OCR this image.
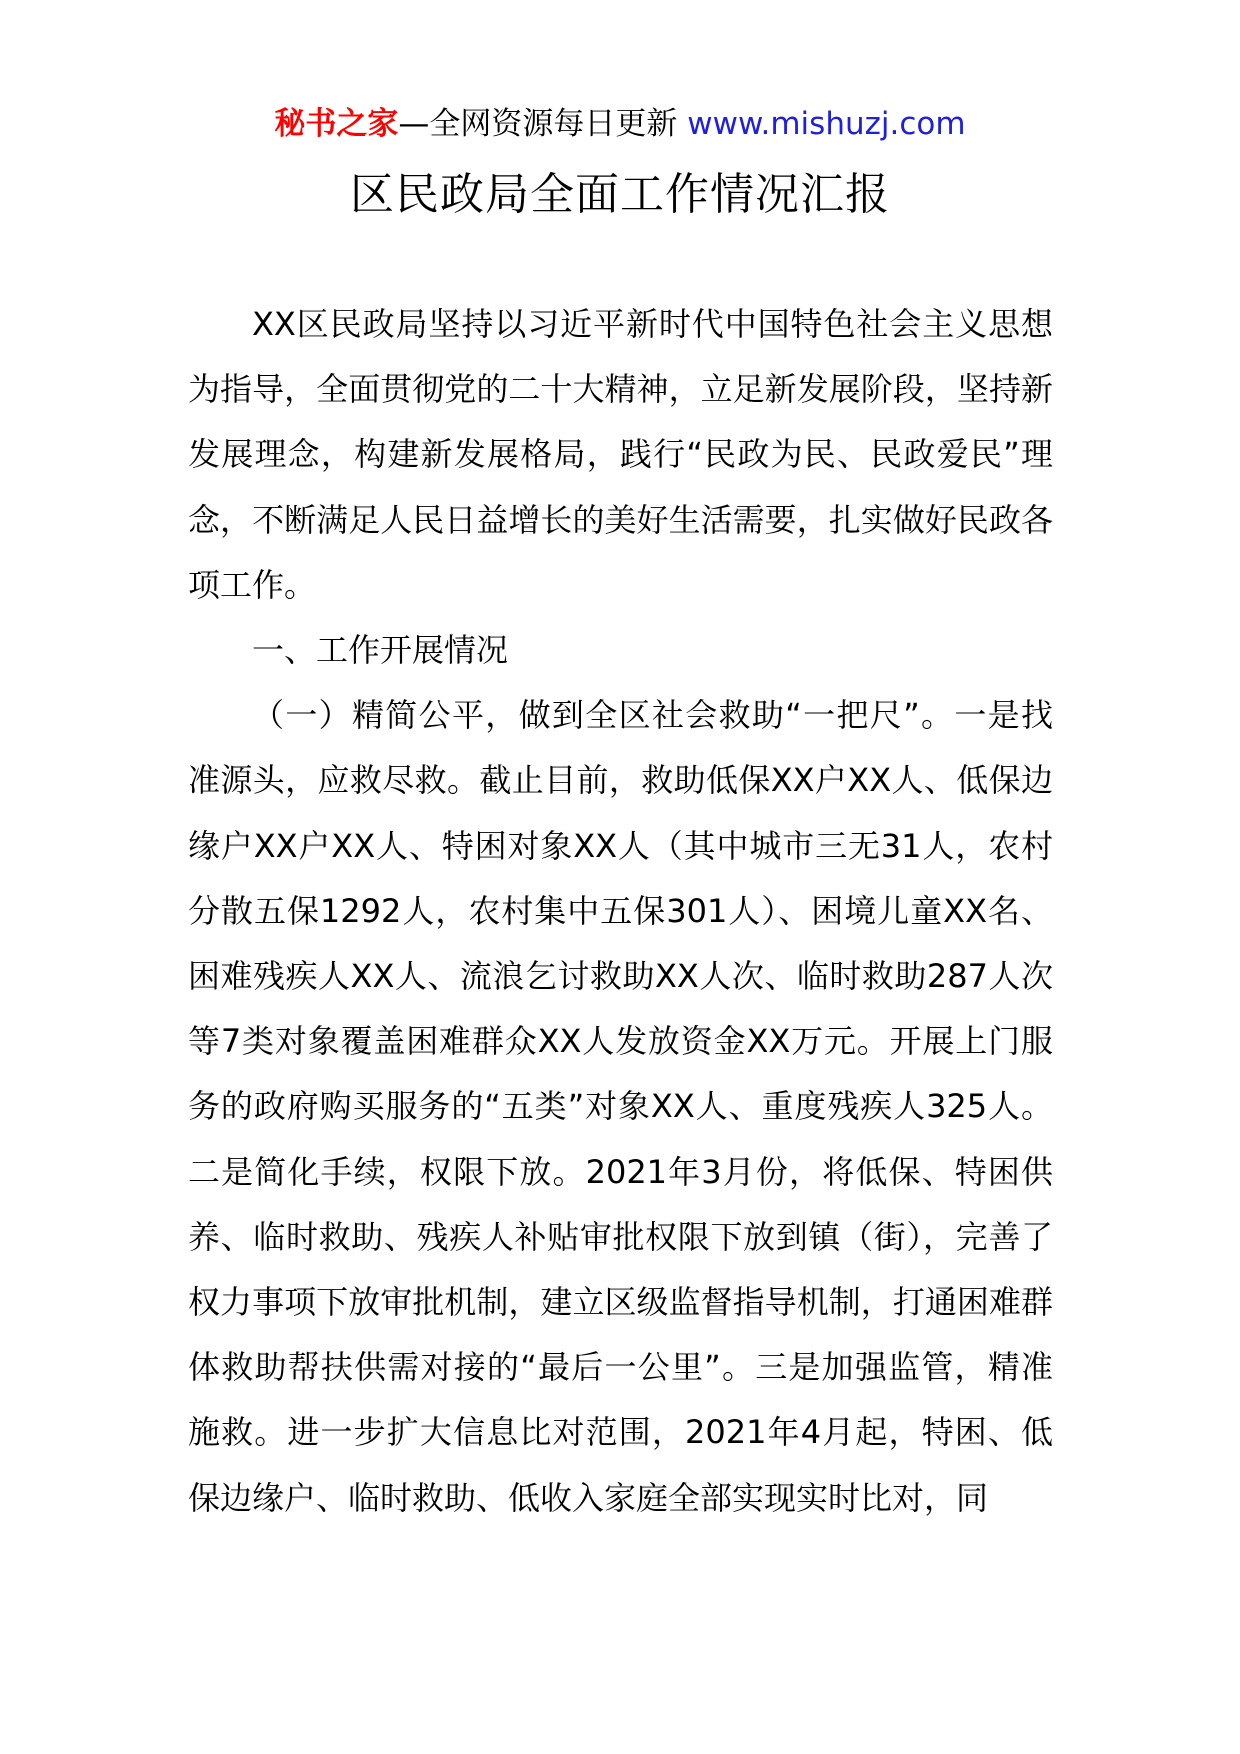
秘书之家—全网资源每日更新 www.mishuzj.com
区民政局全面工作情况汇报

XX区民政局坚持以习近平新时代中国特色社会主义思想为指导，全面贯彻党的二十大精神，立足新发展阶段，坚持新发展理念，构建新发展格局，践行“民政为民、民政爱民”理念，不断满足人民日益增长的美好生活需要，扎实做好民政各项工作。

一、工作开展情况

（一）精简公平，做到全区社会救助“一把尺”。一是找准源头，应救尽救。截止目前，救助低保XX户XX人、低保边缘户XX户XX人、特困对象XX人（其中城市三无31人，农村分散五保1292人，农村集中五保301人）、困境儿童XX名、困难残疾人XX人、流浪乞讨救助XX人次、临时救助287人次等7类对象覆盖困难群众XX人发放资金XX万元。开展上门服务的政府购买服务的“五类”对象XX人、重度残疾人325人。二是简化手续，权限下放。2021年3月份，将低保、特困供养、临时救助、残疾人补贴审批权限下放到镇（街），完善了权力事项下放审批机制，建立区级监督指导机制，打通困难群体救助帮扶供需对接的“最后一公里”。三是加强监管，精准施救。进一步扩大信息比对范围，2021年4月起，特困、低保边缘户、临时救助、低收入家庭全部实现实时比对，同
